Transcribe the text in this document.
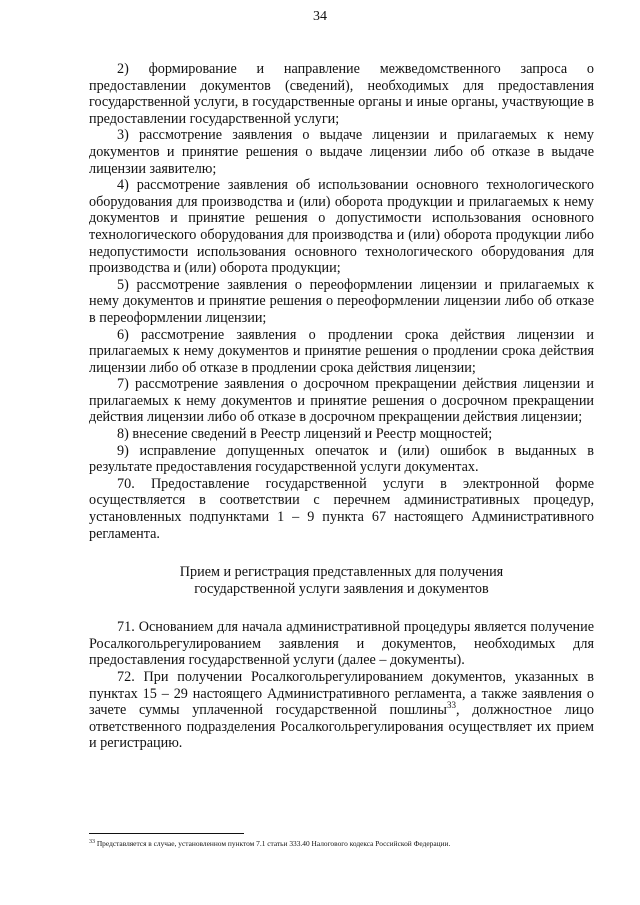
34

2) формирование и направление межведомственного запроса о предоставлении документов (сведений), необходимых для предоставления государственной услуги, в государственные органы и иные органы, участвующие в предоставлении государственной услуги;

3) рассмотрение заявления о выдаче лицензии и прилагаемых к нему документов и принятие решения о выдаче лицензии либо об отказе в выдаче лицензии заявителю;

4) рассмотрение заявления об использовании основного технологического оборудования для производства и (или) оборота продукции и прилагаемых к нему документов и принятие решения о допустимости использования основного технологического оборудования для производства и (или) оборота продукции либо недопустимости использования основного технологического оборудования для производства и (или) оборота продукции;

5) рассмотрение заявления о переоформлении лицензии и прилагаемых к нему документов и принятие решения о переоформлении лицензии либо об отказе в переоформлении лицензии;

6) рассмотрение заявления о продлении срока действия лицензии и прилагаемых к нему документов и принятие решения о продлении срока действия лицензии либо об отказе в продлении срока действия лицензии;

7) рассмотрение заявления о досрочном прекращении действия лицензии и прилагаемых к нему документов и принятие решения о досрочном прекращении действия лицензии либо об отказе в досрочном прекращении действия лицензии;

8) внесение сведений в Реестр лицензий и Реестр мощностей;

9) исправление допущенных опечаток и (или) ошибок в выданных в результате предоставления государственной услуги документах.

70. Предоставление государственной услуги в электронной форме осуществляется в соответствии с перечнем административных процедур, установленных подпунктами 1 – 9 пункта 67 настоящего Административного регламента.

Прием и регистрация представленных для получения
государственной услуги заявления и документов

71. Основанием для начала административной процедуры является получение Росалкогольрегулированием заявления и документов, необходимых для предоставления государственной услуги (далее – документы).

72. При получении Росалкогольрегулированием документов, указанных в пунктах 15 – 29 настоящего Административного регламента, а также заявления о зачете суммы уплаченной государственной пошлины$^{33}$, должностное лицо ответственного подразделения Росалкогольрегулирования осуществляет их прием и регистрацию.

$^{33}$ Представляется в случае, установленном пунктом 7.1 статьи 333.40 Налогового кодекса Российской Федерации.
